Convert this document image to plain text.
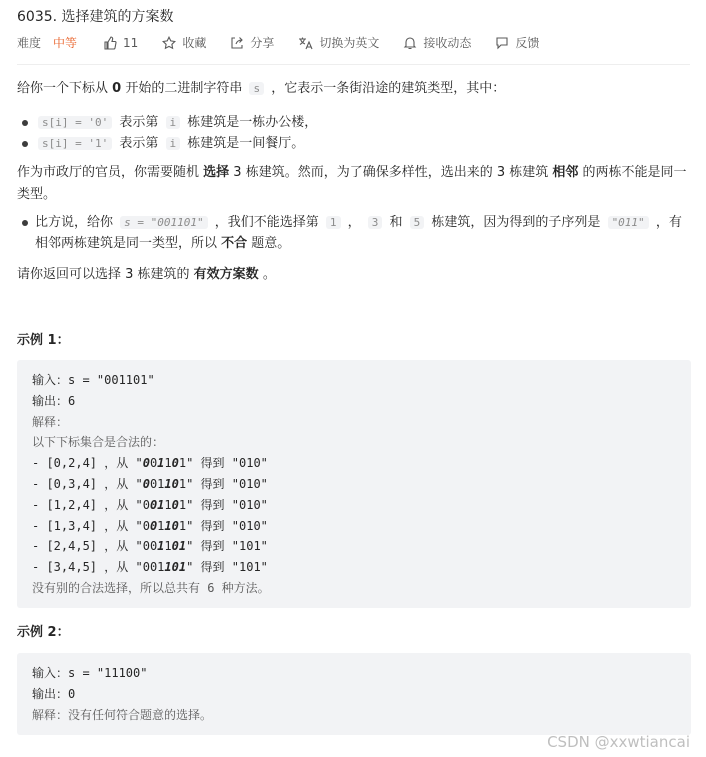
6035. 选择建筑的方案数
难度 中等	11	收藏	分享	切换为英文	接收动态	反馈
给你一个下标从 0 开始的二进制字符串 s ，它表示一条街沿途的建筑类型，其中：
s[i] = '0' 表示第 i 栋建筑是一栋办公楼，
s[i] = '1' 表示第 i 栋建筑是一间餐厅。
作为市政厅的官员，你需要随机 选择 3 栋建筑。然而，为了确保多样性，选出来的 3 栋建筑 相邻 的两栋不能是同一类型。
比方说，给你 s = "001101" ，我们不能选择第 1 ， 3 和 5 栋建筑，因为得到的子序列是 "011" ，有相邻两栋建筑是同一类型，所以 不合 题意。
请你返回可以选择 3 栋建筑的 有效方案数 。
示例 1：
输入：s = "001101"
输出：6
解释：
以下下标集合是合法的：
- [0,2,4] ，从 "001101" 得到 "010"
- [0,3,4] ，从 "001101" 得到 "010"
- [1,2,4] ，从 "001101" 得到 "010"
- [1,3,4] ，从 "001101" 得到 "010"
- [2,4,5] ，从 "001101" 得到 "101"
- [3,4,5] ，从 "001101" 得到 "101"
没有别的合法选择，所以总共有 6 种方法。
示例 2：
输入：s = "11100"
输出：0
解释：没有任何符合题意的选择。
CSDN @xxwtiancai
